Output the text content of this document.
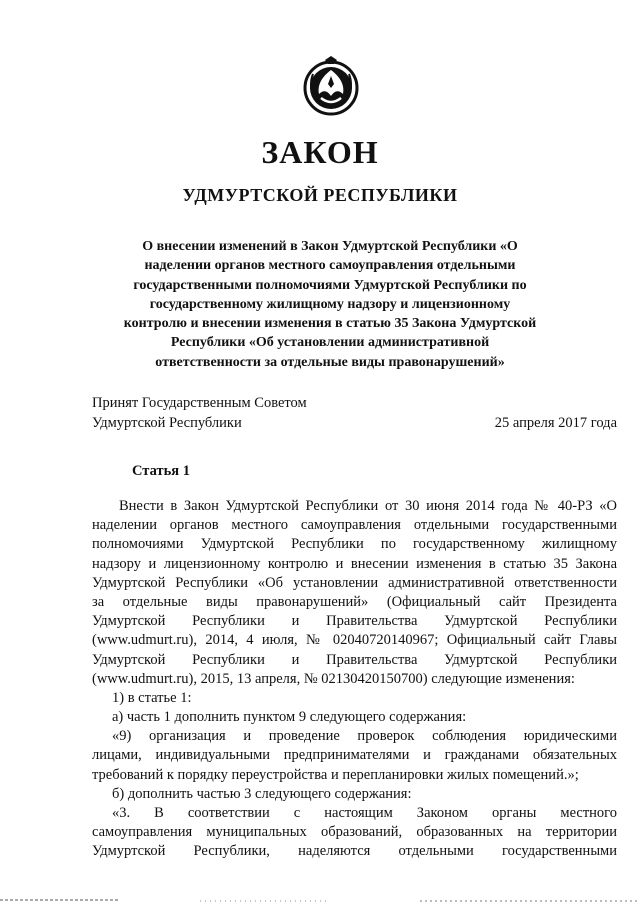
ЗАКОН
УДМУРТСКОЙ РЕСПУБЛИКИ
О внесении изменений в Закон Удмуртской Республики «О
наделении органов местного самоуправления отдельными
государственными полномочиями Удмуртской Республики по
государственному жилищному надзору и лицензионному
контролю и внесении изменения в статью 35 Закона Удмуртской
Республики «Об установлении административной
ответственности за отдельные виды правонарушений»
Принят Государственным Советом
Удмуртской Республики	25 апреля 2017 года
Статья 1
Внести в Закон Удмуртской Республики от 30 июня 2014 года № 40-РЗ «О
наделении органов местного самоуправления отдельными государственными
полномочиями Удмуртской Республики по государственному жилищному
надзору и лицензионному контролю и внесении изменения в статью 35 Закона
Удмуртской Республики «Об установлении административной ответственности
за отдельные виды правонарушений» (Официальный сайт Президента
Удмуртской Республики и Правительства Удмуртской Республики
(www.udmurt.ru), 2014, 4 июля, № 02040720140967; Официальный сайт Главы
Удмуртской Республики и Правительства Удмуртской Республики
(www.udmurt.ru), 2015, 13 апреля, № 02130420150700) следующие изменения:
1) в статье 1:
а) часть 1 дополнить пунктом 9 следующего содержания:
«9) организация и проведение проверок соблюдения юридическими
лицами, индивидуальными предпринимателями и гражданами обязательных
требований к порядку переустройства и перепланировки жилых помещений.»;
б) дополнить частью 3 следующего содержания:
«3. В соответствии с настоящим Законом органы местного
самоуправления муниципальных образований, образованных на территории
Удмуртской Республики, наделяются отдельными государственными
